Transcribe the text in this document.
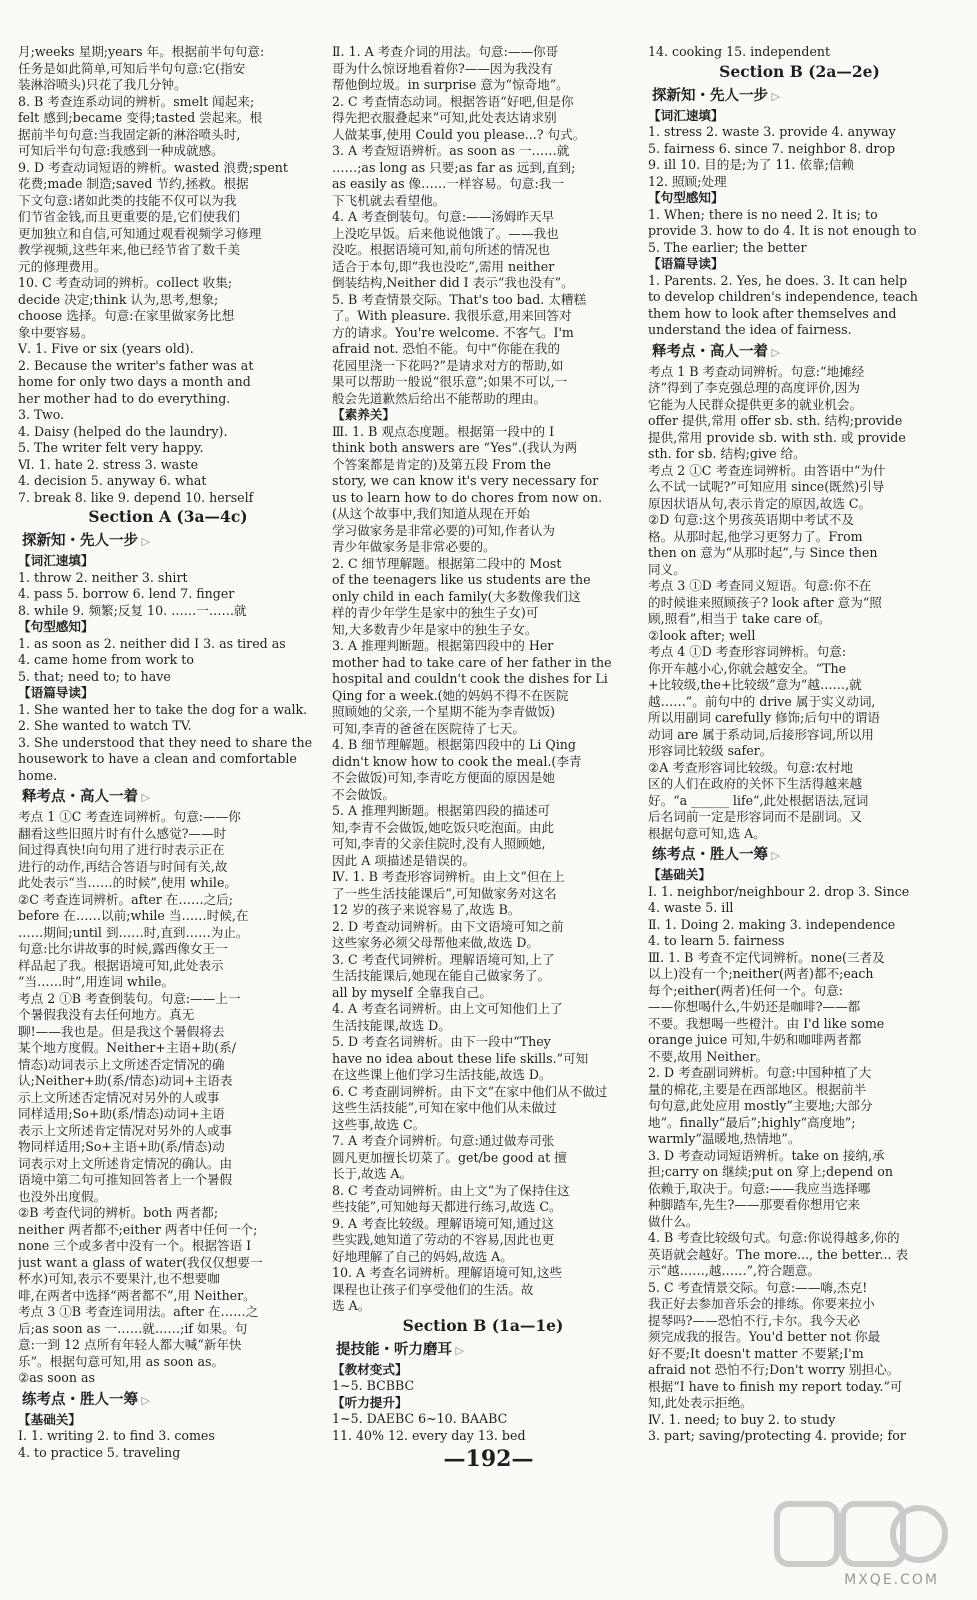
月;weeks 星期;years 年。根据前半句句意:
任务是如此简单,可知后半句句意:它(指安
装淋浴喷头)只花了我几分钟。
8. B 考查连系动词的辨析。smelt 闻起来;
felt 感到;became 变得;tasted 尝起来。根
据前半句句意:当我固定新的淋浴喷头时,
可知后半句句意:我感到一种成就感。
9. D 考查动词短语的辨析。wasted 浪费;spent
花费;made 制造;saved 节约,拯救。根据
下文句意:诸如此类的技能不仅可以为我
们节省金钱,而且更重要的是,它们使我们
更加独立和自信,可知通过观看视频学习修理
教学视频,这些年来,他已经节省了数千美
元的修理费用。
10. C 考查动词的辨析。collect 收集;
decide 决定;think 认为,思考,想象;
choose 选择。句意:在家里做家务比想
象中要容易。
Ⅴ. 1. Five or six (years old).
2. Because the writer's father was at
home for only two days a month and
her mother had to do everything.
3. Two.
4. Daisy (helped do the laundry).
5. The writer felt very happy.
Ⅵ. 1. hate 2. stress 3. waste
4. decision 5. anyway 6. what
7. break 8. like 9. depend 10. herself
Section A (3a—4c)
探新知・先人一步 ▷
【词汇速填】
1. throw 2. neither 3. shirt
4. pass 5. borrow 6. lend 7. finger
8. while 9. 频繁;反复 10. ……一……就
【句型感知】
1. as soon as 2. neither did I 3. as tired as
4. came home from work to
5. that; need to; to have
【语篇导读】
1. She wanted her to take the dog for a walk.
2. She wanted to watch TV.
3. She understood that they need to share the
housework to have a clean and comfortable
home.
释考点・高人一着 ▷
考点 1 ①C 考查连词辨析。句意:——你
翻看这些旧照片时有什么感觉?——时
间过得真快!向句用了进行时表示正在
进行的动作,再结合答语与时间有关,故
此处表示“当……的时候”,使用 while。
②C 考查连词辨析。after 在……之后;
before 在……以前;while 当……时候,在
……期间;until 到……时,直到……为止。
句意:比尔讲故事的时候,露西像女王一
样品起了我。根据语境可知,此处表示
“当……时”,用连词 while。
考点 2 ①B 考查倒装句。句意:——上一
个暑假我没有去任何地方。真无
聊!——我也是。但是我这个暑假将去
某个地方度假。Neither+主语+助(系/
情态)动词表示上文所述否定情况的确
认;Neither+助(系/情态)动词+主语表
示上文所述否定情况对另外的人或事
同样适用;So+助(系/情态)动词+主语
表示上文所述肯定情况对另外的人或事
物同样适用;So+主语+助(系/情态)动
词表示对上文所述肯定情况的确认。由
语境中第二句可推知回答者上一个暑假
也没外出度假。
②B 考查代词的辨析。both 两者都;
neither 两者都不;either 两者中任何一个;
none 三个或多者中没有一个。根据答语 I
just want a glass of water(我仅仅想要一
杯水)可知,表示不要果汁,也不想要咖
啡,在两者中选择“两者都不”,用 Neither。
考点 3 ①B 考查连词用法。after 在……之
后;as soon as 一……就……;if 如果。句
意:一到 12 点所有年轻人都大喊“新年快
乐”。根据句意可知,用 as soon as。
②as soon as
练考点・胜人一筹 ▷
【基础关】
Ⅰ. 1. writing 2. to find 3. comes
4. to practice 5. traveling
Ⅱ. 1. A 考查介词的用法。句意:——你哥
哥为什么惊讶地看着你?——因为我没有
帮他倒垃圾。in surprise 意为“惊奇地”。
2. C 考查情态动词。根据答语“好吧,但是你
得先把衣服叠起来”可知,此处表达请求别
人做某事,使用 Could you please...? 句式。
3. A 考查短语辨析。as soon as 一……就
……;as long as 只要;as far as 远到,直到;
as easily as 像……一样容易。句意:我一
下飞机就去看望他。
4. A 考查倒装句。句意:——汤姆昨天早
上没吃早饭。后来他说他饿了。——我也
没吃。根据语境可知,前句所述的情况也
适合于本句,即“我也没吃”,需用 neither
倒装结构,Neither did I 表示“我也没有”。
5. B 考查情景交际。That's too bad. 太糟糕
了。With pleasure. 我很乐意,用来回答对
方的请求。You're welcome. 不客气。I'm
afraid not. 恐怕不能。句中“你能在我的
花园里浇一下花吗?”是请求对方的帮助,如
果可以帮助一般说“很乐意”;如果不可以,一
般会先道歉然后给出不能帮助的理由。
【素养关】
Ⅲ. 1. B 观点态度题。根据第一段中的 I
think both answers are “Yes”.(我认为两
个答案都是肯定的)及第五段 From the
story, we can know it's very necessary for
us to learn how to do chores from now on.
(从这个故事中,我们知道从现在开始
学习做家务是非常必要的)可知,作者认为
青少年做家务是非常必要的。
2. C 细节理解题。根据第二段中的 Most
of the teenagers like us students are the
only child in each family(大多数像我们这
样的青少年学生是家中的独生子女)可
知,大多数青少年是家中的独生子女。
3. A 推理判断题。根据第四段中的 Her
mother had to take care of her father in the
hospital and couldn't cook the dishes for Li
Qing for a week.(她的妈妈不得不在医院
照顾她的父亲,一个星期不能为李青做饭)
可知,李青的爸爸在医院待了七天。
4. B 细节理解题。根据第四段中的 Li Qing
didn't know how to cook the meal.(李青
不会做饭)可知,李青吃方便面的原因是她
不会做饭。
5. A 推理判断题。根据第四段的描述可
知,李青不会做饭,她吃饭只吃泡面。由此
可知,李青的父亲住院时,没有人照顾她,
因此 A 项描述是错误的。
Ⅳ. 1. B 考查形容词辨析。由上文“但在上
了一些生活技能课后”,可知做家务对这名
12 岁的孩子来说容易了,故选 B。
2. D 考查动词辨析。由下文语境可知之前
这些家务必须父母帮他来做,故选 D。
3. C 考查代词辨析。理解语境可知,上了
生活技能课后,她现在能自己做家务了。
all by myself 全靠我自己。
4. A 考查名词辨析。由上文可知他们上了
生活技能课,故选 D。
5. D 考查名词辨析。由下一段中“They
have no idea about these life skills.”可知
在这些课上他们学习生活技能,故选 D。
6. C 考查副词辨析。由下文“在家中他们从不做过
这些生活技能”,可知在家中他们从未做过
这些事,故选 C。
7. A 考查介词辨析。句意:通过做寿司张
圆凡更加擅长切菜了。get/be good at 擅
长于,故选 A。
8. C 考查动词辨析。由上文“为了保持住这
些技能”,可知她每天都进行练习,故选 C。
9. A 考查比较级。理解语境可知,通过这
些实践,她知道了劳动的不容易,因此也更
好地理解了自己的妈妈,故选 A。
10. A 考查名词辨析。理解语境可知,这些
课程也让孩子们享受他们的生活。故
选 A。
Section B (1a—1e)
提技能・听力磨耳 ▷
【教材变式】
1~5. BCBBC
【听力提升】
1~5. DAEBC 6~10. BAABC
11. 40% 12. every day 13. bed
14. cooking 15. independent
Section B (2a—2e)
探新知・先人一步 ▷
【词汇速填】
1. stress 2. waste 3. provide 4. anyway
5. fairness 6. since 7. neighbor 8. drop
9. ill 10. 目的是;为了 11. 依靠;信赖
12. 照顾;处理
【句型感知】
1. When; there is no need 2. It is; to
provide 3. how to do 4. It is not enough to
5. The earlier; the better
【语篇导读】
1. Parents. 2. Yes, he does. 3. It can help
to develop children's independence, teach
them how to look after themselves and
understand the idea of fairness.
释考点・高人一着 ▷
考点 1 B 考查动词辨析。句意:“地摊经
济”得到了李克强总理的高度评价,因为
它能为人民群众提供更多的就业机会。
offer 提供,常用 offer sb. sth. 结构;provide
提供,常用 provide sb. with sth. 或 provide
sth. for sb. 结构;give 给。
考点 2 ①C 考查连词辨析。由答语中“为什
么不试一试呢?”可知应用 since(既然)引导
原因状语从句,表示肯定的原因,故选 C。
②D 句意:这个男孩英语期中考试不及
格。从那时起,他学习更努力了。From
then on 意为“从那时起”,与 Since then
同义。
考点 3 ①D 考查同义短语。句意:你不在
的时候谁来照顾孩子? look after 意为“照
顾,照看”,相当于 take care of。
②look after; well
考点 4 ①D 考查形容词辨析。句意:
你开车越小心,你就会越安全。“The
+比较级,the+比较级”意为“越……,就
越……”。前句中的 drive 属于实义动词,
所以用副词 carefully 修饰;后句中的谓语
动词 are 属于系动词,后接形容词,所以用
形容词比较级 safer。
②A 考查形容词比较级。句意:农村地
区的人们在政府的关怀下生活得越来越
好。“a ______ life”,此处根据语法,冠词
后名词前一定是形容词而不是副词。又
根据句意可知,选 A。
练考点・胜人一筹 ▷
【基础关】
Ⅰ. 1. neighbor/neighbour 2. drop 3. Since
4. waste 5. ill
Ⅱ. 1. Doing 2. making 3. independence
4. to learn 5. fairness
Ⅲ. 1. B 考查不定代词辨析。none(三者及
以上)没有一个;neither(两者)都不;each
每个;either(两者)任何一个。句意:
——你想喝什么,牛奶还是咖啡?——都
不要。我想喝一些橙汁。由 I'd like some
orange juice 可知,牛奶和咖啡两者都
不要,故用 Neither。
2. D 考查副词辨析。句意:中国种植了大
量的棉花,主要是在西部地区。根据前半
句句意,此处应用 mostly“主要地;大部分
地”。finally“最后”;highly“高度地”;
warmly“温暖地,热情地”。
3. D 考查动词短语辨析。take on 接纳,承
担;carry on 继续;put on 穿上;depend on
依赖于,取决于。句意:——我应当选择哪
种脚踏车,先生?——那要看你想用它来
做什么。
4. B 考查比较级句式。句意:你说得越多,你的
英语就会越好。The more..., the better... 表
示“越……,越……”,符合题意。
5. C 考查情景交际。句意:——嗨,杰克!
我正好去参加音乐会的排练。你要来拉小
提琴吗?——恐怕不行,卡尔。我今天必
须完成我的报告。You'd better not 你最
好不要;It doesn't matter 不要紧;I'm
afraid not 恐怕不行;Don't worry 别担心。
根据“I have to finish my report today.”可
知,此处表示拒绝。
Ⅳ. 1. need; to buy 2. to study
3. part; saving/protecting 4. provide; for
—192—
MXQE.COM
